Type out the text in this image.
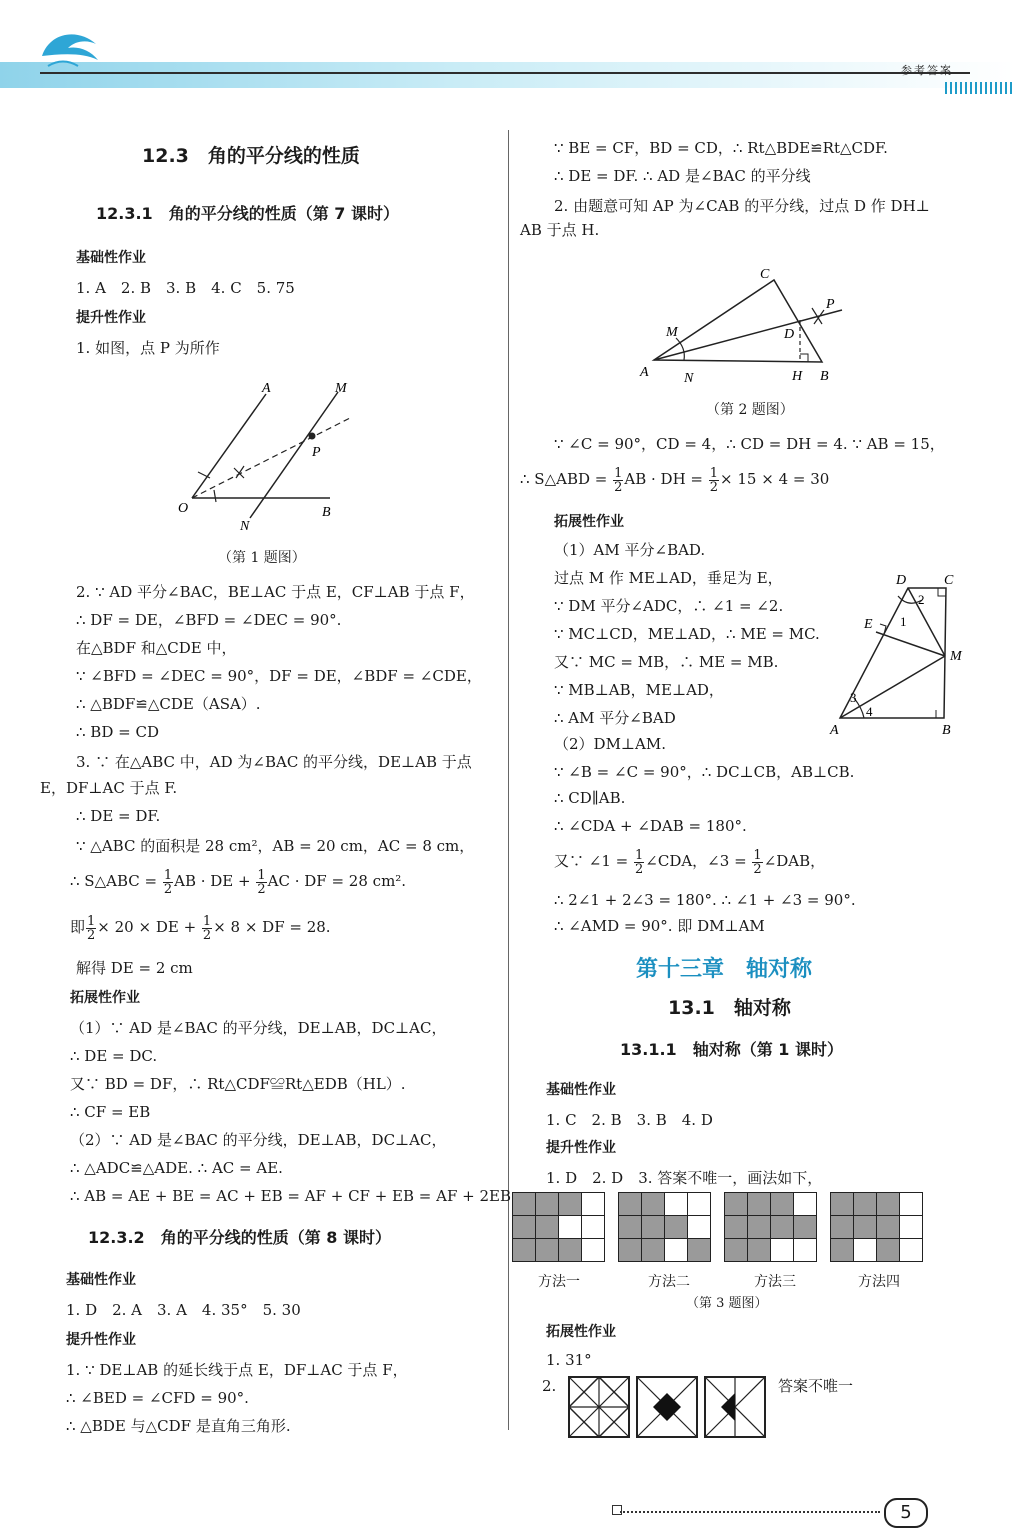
参考答案
12.3　角的平分线的性质
12.3.1　角的平分线的性质（第 7 课时）
基础性作业
1. A　2. B　3. B　4. C　5. 75
提升性作业
1. 如图，点 P 为所作
A	M
P
O
N
B
（第 1 题图）
2. ∵ AD 平分∠BAC，BE⊥AC 于点 E，CF⊥AB 于点 F，
∴ DF = DE，∠BFD = ∠DEC = 90°.
在△BDF 和△CDE 中，
∵ ∠BFD = ∠DEC = 90°，DF = DE，∠BDF = ∠CDE，
∴ △BDF≌△CDE（ASA）.
∴ BD = CD
3. ∵ 在△ABC 中，AD 为∠BAC 的平分线，DE⊥AB 于点
E，DF⊥AC 于点 F.
∴ DE = DF.
∵ △ABC 的面积是 28 cm²，AB = 20 cm，AC = 8 cm，
∴ S△ABC = $\frac{1}{2}$ AB · DE + $\frac{1}{2}$ AC · DF = 28 cm².
即 $\frac{1}{2} \times 20$ × DE + $\frac{1}{2} \times 8$ × DF = 28.
解得 DE = 2 cm
拓展性作业
（1）∵ AD 是∠BAC 的平分线，DE⊥AB，DC⊥AC，
∴ DE = DC.
又∵ BD = DF，∴ Rt△CDF≌Rt△EDB（HL）.
∴ CF = EB
（2）∵ AD 是∠BAC 的平分线，DE⊥AB，DC⊥AC，
∴ △ADC≌△ADE. ∴ AC = AE.
∴ AB = AE + BE = AC + EB = AF + CF + EB = AF + 2EB
12.3.2　角的平分线的性质（第 8 课时）
基础性作业
1. D　2. A　3. A　4. 35°　5. 30
提升性作业
1. ∵ DE⊥AB 的延长线于点 E，DF⊥AC 于点 F，
∴ ∠BED = ∠CFD = 90°.
∴ △BDE 与△CDF 是直角三角形.
∵ BE = CF，BD = CD，∴ Rt△BDE≌Rt△CDF.
∴ DE = DF. ∴ AD 是∠BAC 的平分线
2. 由题意可知 AP 为∠CAB 的平分线，过点 D 作 DH⊥
AB 于点 H.
C
M	D
P
A	N	H B
（第 2 题图）
∵ ∠C = 90°，CD = 4，∴ CD = DH = 4. ∵ AB = 15，
∴ S△ABD = $\frac{1}{2}$ AB · DH = $\frac{1}{2} \times 15 \times 4 = 30$
拓展性作业
（1）AM 平分∠BAD.
过点 M 作 ME⊥AD，垂足为 E，
∵ DM 平分∠ADC，∴ ∠1 = ∠2.
∵ MC⊥CD，ME⊥AD，∴ ME = MC.
又∵ MC = MB，∴ ME = MB.
∵ MB⊥AB，ME⊥AD，
∴ AM 平分∠BAD
（2）DM⊥AM.
∵ ∠B = ∠C = 90°，∴ DC⊥CB，AB⊥CB.
∴ CD∥AB.
∴ ∠CDA + ∠DAB = 180°.
又∵ ∠1 = $\frac{1}{2}$ ∠CDA，∠3 = $\frac{1}{2}$ ∠DAB，
∴ 2∠1 + 2∠3 = 180°. ∴ ∠1 + ∠3 = 90°.
∴ ∠AMD = 90°. 即 DM⊥AM
D	C
E 1
2
M
3
4
A	B
第十三章　轴对称
13.1　轴对称
13.1.1　轴对称（第 1 课时）
基础性作业
1. C　2. B　3. B　4. D
提升性作业
1. D　2. D　3. 答案不唯一，画法如下，

方法一	方法二	方法三	方法四
（第 3 题图）
拓展性作业
1. 31°
2.	答案不唯一
5
